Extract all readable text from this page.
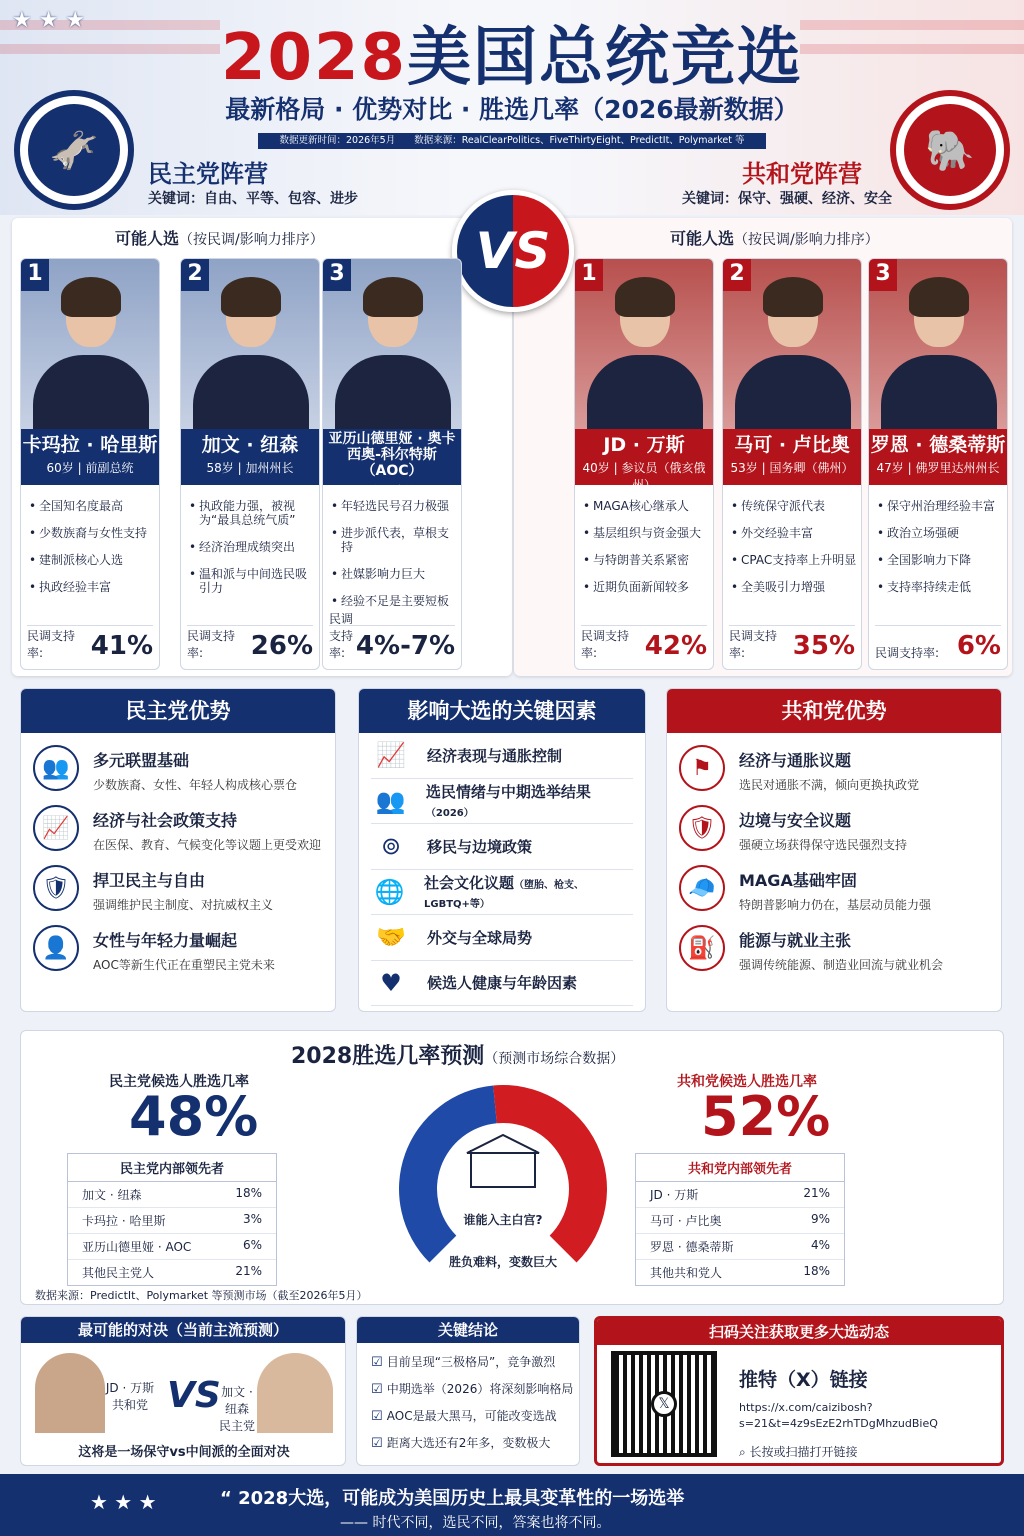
★ ★ ★
2028美国总统竞选
最新格局 · 优势对比 · 胜选几率（2026最新数据）
数据更新时间：2026年5月　　数据来源：RealClearPolitics、FiveThirtyEight、PredictIt、Polymarket 等
🫏	🐘
民主党阵营
关键词：自由、平等、包容、进步
共和党阵营
关键词：保守、强硬、经济、安全
可能人选（按民调/影响力排序）	可能人选（按民调/影响力排序）
VS
1
卡玛拉 · 哈里斯
60岁 | 前副总统
• 全国知名度最高
• 少数族裔与女性支持
• 建制派核心人选
• 执政经验丰富
民调支持率:	41%
2
加文 · 纽森
58岁 | 加州州长
• 执政能力强，被视为“最具总统气质”
• 经济治理成绩突出
• 温和派与中间选民吸引力
民调支持率:	26%
3
亚历山德里娅 · 奥卡西奥-科尔特斯（AOC）
36岁 | 众议员
• 年轻选民号召力极强
• 进步派代表，草根支持
• 社媒影响力巨大
• 经验不足是主要短板
民调支持率: 4%-7%
1
JD · 万斯
40岁 | 参议员（俄亥俄州）
• MAGA核心继承人
• 基层组织与资金强大
• 与特朗普关系紧密
• 近期负面新闻较多
民调支持率:	42%
2
马可 · 卢比奥
53岁 | 国务卿（佛州）
• 传统保守派代表
• 外交经验丰富
• CPAC支持率上升明显
• 全美吸引力增强
民调支持率:	35%
3
罗恩 · 德桑蒂斯
47岁 | 佛罗里达州州长
• 保守州治理经验丰富
• 政治立场强硬
• 全国影响力下降
• 支持率持续走低
民调支持率: 6%
民主党优势
👥	多元联盟基础
少数族裔、女性、年轻人构成核心票仓
📈	经济与社会政策支持
在医保、教育、气候变化等议题上更受欢迎
🛡	捍卫民主与自由
强调维护民主制度、对抗威权主义
👤	女性与年轻力量崛起
AOC等新生代正在重塑民主党未来
影响大选的关键因素
📈	经济表现与通胀控制
👥	选民情绪与中期选举结果（2026）
⊚	移民与边境政策
🌐 社会文化议题（堕胎、枪支、LGBTQ+等）
🤝	外交与全球局势
♥	候选人健康与年龄因素
共和党优势
⚑	经济与通胀议题
选民对通胀不满，倾向更换执政党
🛡	边境与安全议题
强硬立场获得保守选民强烈支持
🧢	MAGA基础牢固
特朗普影响力仍在，基层动员能力强
⛽	能源与就业主张
强调传统能源、制造业回流与就业机会
2028胜选几率预测（预测市场综合数据）
民主党候选人胜选几率
48%
共和党候选人胜选几率
52%
谁能入主白宫?
胜负难料，变数巨大
民主党内部领先者
加文 · 纽森	18%
卡玛拉 · 哈里斯	3%
亚历山德里娅 · AOC	6%
其他民主党人	21%
共和党内部领先者
JD · 万斯	21%
马可 · 卢比奥	9%
罗恩 · 德桑蒂斯	4%
其他共和党人	18%
数据来源：PredictIt、Polymarket 等预测市场（截至2026年5月）
最可能的对决（当前主流预测）
JD · 万斯
共和党 VS 加文 · 纽森
民主党
这将是一场保守vs中间派的全面对决
关键结论
☑ 目前呈现“三极格局”，竞争激烈
☑ 中期选举（2026）将深刻影响格局
☑ AOC是最大黑马，可能改变选战
☑ 距离大选还有2年多，变数极大
扫码关注获取更多大选动态
𝕏
推特（X）链接
https://x.com/caizibosh?
s=21&t=4z9sEzE2rhTDgMhzudBieQ
⌕ 长按或扫描打开链接
★ ★ ★	“ 2028大选，可能成为美国历史上最具变革性的一场选举
—— 时代不同，选民不同，答案也将不同。
